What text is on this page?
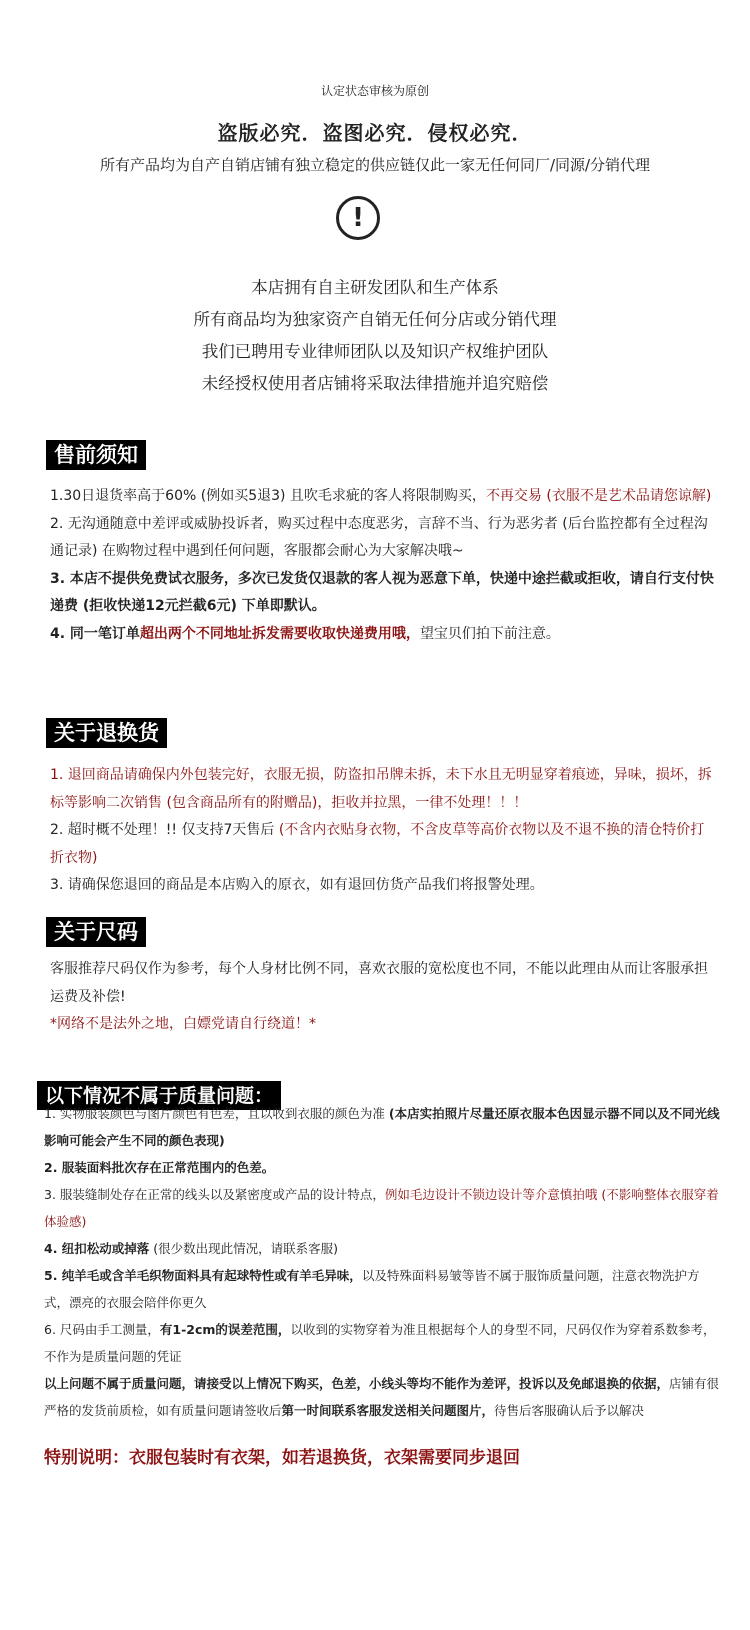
认定状态审核为原创
盗版必究．盗图必究．侵权必究．
所有产品均为自产自销店铺有独立稳定的供应链仅此一家无任何同厂/同源/分销代理
!
本店拥有自主研发团队和生产体系
所有商品均为独家资产自销无任何分店或分销代理
我们已聘用专业律师团队以及知识产权维护团队
未经授权使用者店铺将采取法律措施并追究赔偿
售前须知

1.30日退货率高于60% (例如买5退3) 且吹毛求疵的客人将限制购买，不再交易 (衣服不是艺术品请您谅解)

2. 无沟通随意中差评或威胁投诉者，购买过程中态度恶劣，言辞不当、行为恶劣者 (后台监控都有全过程沟通记录) 在购物过程中遇到任何问题，客服都会耐心为大家解决哦~

3. 本店不提供免费试衣服务，多次已发货仅退款的客人视为恶意下单，快递中途拦截或拒收，请自行支付快递费 (拒收快递12元拦截6元) 下单即默认。

4. 同一笔订单超出两个不同地址拆发需要收取快递费用哦，望宝贝们拍下前注意。

关于退换货

1. 退回商品请确保内外包装完好，衣服无损，防盗扣吊牌未拆，未下水且无明显穿着痕迹，异味，损坏，拆标等影响二次销售 (包含商品所有的附赠品)，拒收并拉黑，一律不处理！！！

2. 超时概不处理！!! 仅支持7天售后 (不含内衣贴身衣物，不含皮草等高价衣物以及不退不换的清仓特价打折衣物)

3. 请确保您退回的商品是本店购入的原衣，如有退回仿货产品我们将报警处理。

关于尺码

客服推荐尺码仅作为参考，每个人身材比例不同，喜欢衣服的宽松度也不同，不能以此理由从而让客服承担运费及补偿!

*网络不是法外之地，白嫖党请自行绕道！*

以下情况不属于质量问题：

1. 实物服装颜色与图片颜色有色差，且以收到衣服的颜色为准 (本店实拍照片尽量还原衣服本色因显示器不同以及不同光线影响可能会产生不同的颜色表现)

2. 服装面料批次存在正常范围内的色差。

3. 服装缝制处存在正常的线头以及紧密度或产品的设计特点，例如毛边设计不锁边设计等介意慎拍哦 (不影响整体衣服穿着体验感)

4. 纽扣松动或掉落 (很少数出现此情况，请联系客服)

5. 纯羊毛或含羊毛织物面料具有起球特性或有羊毛异味，以及特殊面料易皱等皆不属于服饰质量问题，注意衣物洗护方式，漂亮的衣服会陪伴你更久

6. 尺码由手工测量，有1-2cm的误差范围，以收到的实物穿着为准且根据每个人的身型不同，尺码仅作为穿着系数参考，不作为是质量问题的凭证

以上问题不属于质量问题，请接受以上情况下购买，色差，小线头等均不能作为差评，投诉以及免邮退换的依据，店铺有很严格的发货前质检，如有质量问题请签收后第一时间联系客服发送相关问题图片，待售后客服确认后予以解决

特别说明：衣服包装时有衣架，如若退换货，衣架需要同步退回
